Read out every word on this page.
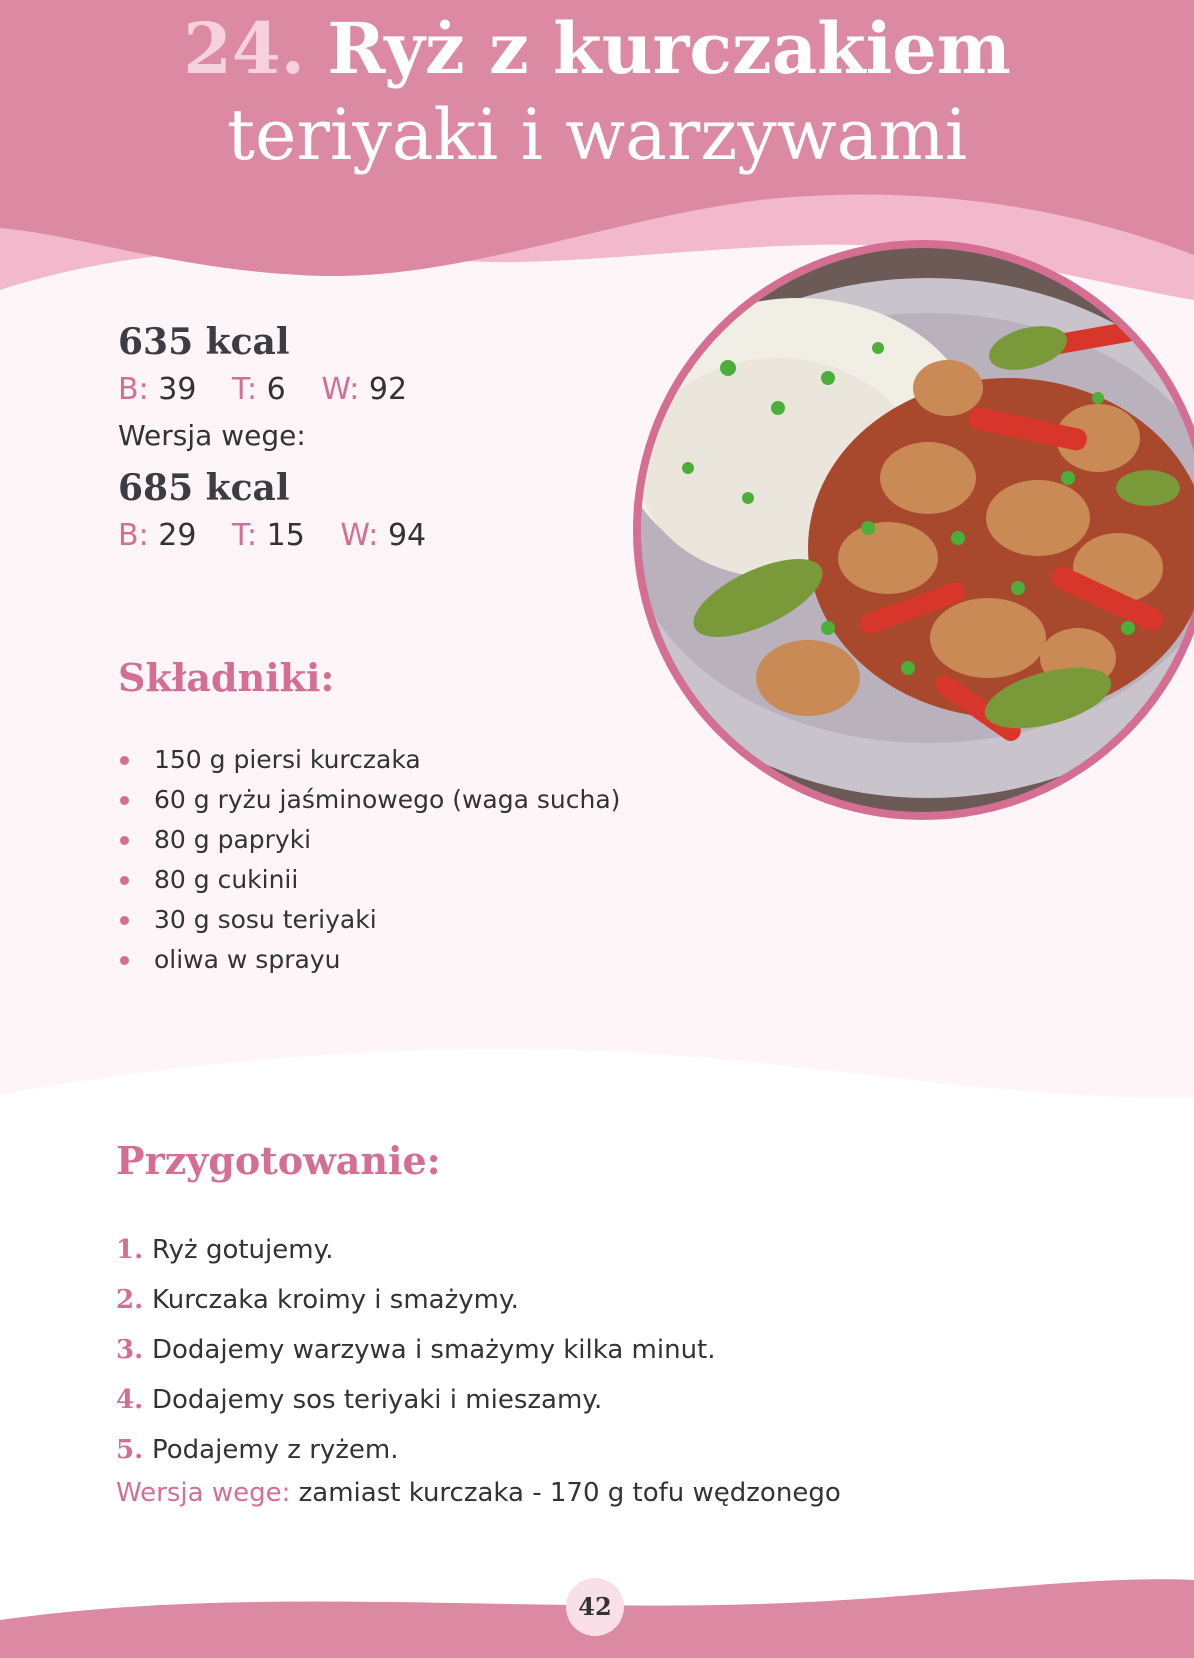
24. Ryż z kurczakiem
teriyaki i warzywami
635 kcal
B: 39 T: 6 W: 92
Wersja wege:
685 kcal
B: 29 T: 15 W: 94
Składniki:
150 g piersi kurczaka
60 g ryżu jaśminowego (waga sucha)
80 g papryki
80 g cukinii
30 g sosu teriyaki
oliwa w sprayu
Przygotowanie:
1. Ryż gotujemy.
2. Kurczaka kroimy i smażymy.
3. Dodajemy warzywa i smażymy kilka minut.
4. Dodajemy sos teriyaki i mieszamy.
5. Podajemy z ryżem.
Wersja wege: zamiast kurczaka - 170 g tofu wędzonego
42
